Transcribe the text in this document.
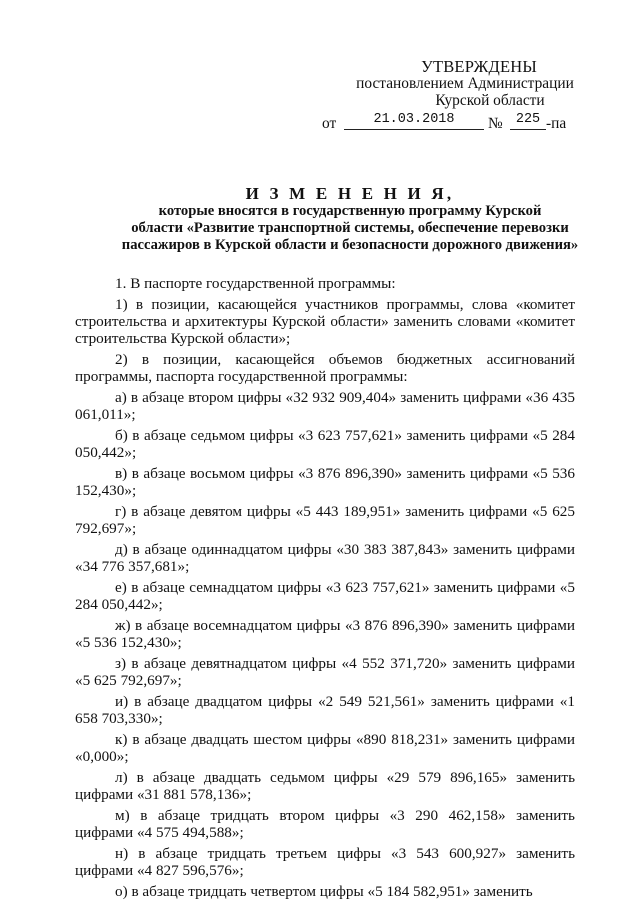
УТВЕРЖДЕНЫ
постановлением Администрации
Курской области
от	21.03.2018	№ 225 -па
И З М Е Н Е Н И Я,
которые вносятся в государственную программу Курской
области «Развитие транспортной системы, обеспечение перевозки
пассажиров в Курской области и безопасности дорожного движения»

1. В паспорте государственной программы:

1) в позиции, касающейся участников программы, слова «комитет строительства и архитектуры Курской области» заменить словами «комитет строительства Курской области»;

2) в позиции, касающейся объемов бюджетных ассигнований программы, паспорта государственной программы:

а) в абзаце втором цифры «32 932 909,404» заменить цифрами «36 435 061,011»;

б) в абзаце седьмом цифры «3 623 757,621» заменить цифрами «5 284 050,442»;

в) в абзаце восьмом цифры «3 876 896,390» заменить цифрами «5 536 152,430»;

г) в абзаце девятом цифры «5 443 189,951» заменить цифрами «5 625 792,697»;

д) в абзаце одиннадцатом цифры «30 383 387,843» заменить цифрами «34 776 357,681»;

е) в абзаце семнадцатом цифры «3 623 757,621» заменить цифрами «5 284 050,442»;

ж) в абзаце восемнадцатом цифры «3 876 896,390» заменить цифрами «5 536 152,430»;

з) в абзаце девятнадцатом цифры «4 552 371,720» заменить цифрами «5 625 792,697»;

и) в абзаце двадцатом цифры «2 549 521,561» заменить цифрами «1 658 703,330»;

к) в абзаце двадцать шестом цифры «890 818,231» заменить цифрами «0,000»;

л) в абзаце двадцать седьмом цифры «29 579 896,165» заменить цифрами «31 881 578,136»;

м) в абзаце тридцать втором цифры «3 290 462,158» заменить цифрами «4 575 494,588»;

н) в абзаце тридцать третьем цифры «3 543 600,927» заменить цифрами «4 827 596,576»;

о) в абзаце тридцать четвертом цифры «5 184 582,951» заменить
